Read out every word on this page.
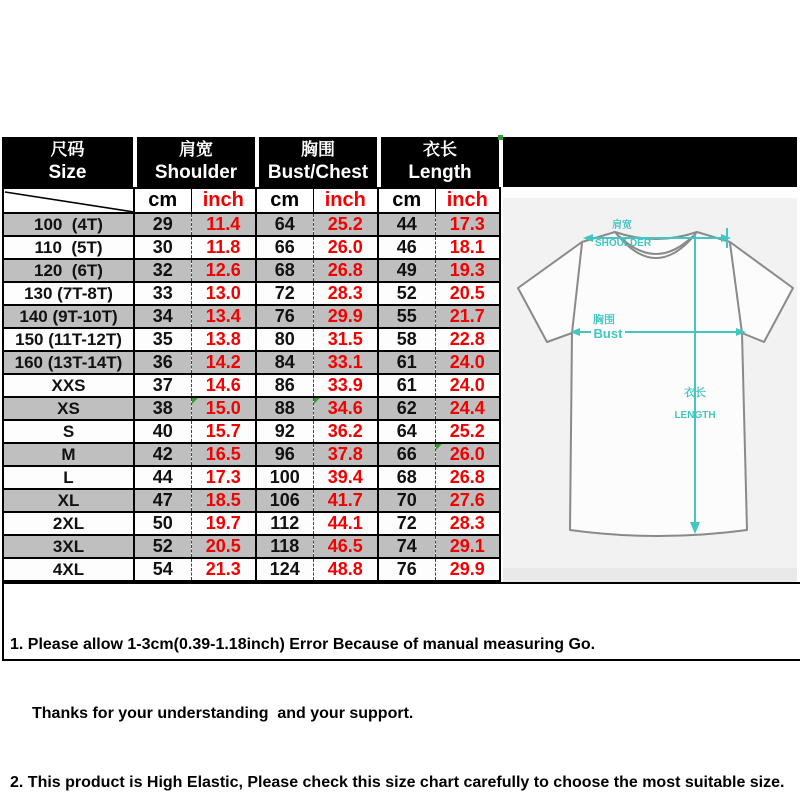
尺码
Size
肩宽
Shoulder
胸围
Bust/Chest
衣长
Length
	cm	inch	cm	inch	cm	inch
100  (4T)	29	11.4	64	25.2	44	17.3
110  (5T)	30	11.8	66	26.0	46	18.1
120  (6T)	32	12.6	68	26.8	49	19.3
130 (7T-8T)	33	13.0	72	28.3	52	20.5
140 (9T-10T)	34	13.4	76	29.9	55	21.7
150 (11T-12T)	35	13.8	80	31.5	58	22.8
160 (13T-14T)	36	14.2	84	33.1	61	24.0
XXS	37	14.6	86	33.9	61	24.0
XS	38	15.0	88	34.6	62	24.4
S	40	15.7	92	36.2	64	25.2
M	42	16.5	96	37.8	66	26.0
L	44	17.3	100	39.4	68	26.8
XL	47	18.5	106	41.7	70	27.6
2XL	50	19.7	112	44.1	72	28.3
3XL	52	20.5	118	46.5	74	29.1
4XL	54	21.3	124	48.8	76	29.9
肩宽
SHOULDER
胸围
Bust
衣长
LENGTH

1. Please allow 1-3cm(0.39-1.18inch) Error Because of manual measuring Go.

Thanks for your understanding  and your support.

2. This product is High Elastic, Please check this size chart carefully to choose the most suitable size.
